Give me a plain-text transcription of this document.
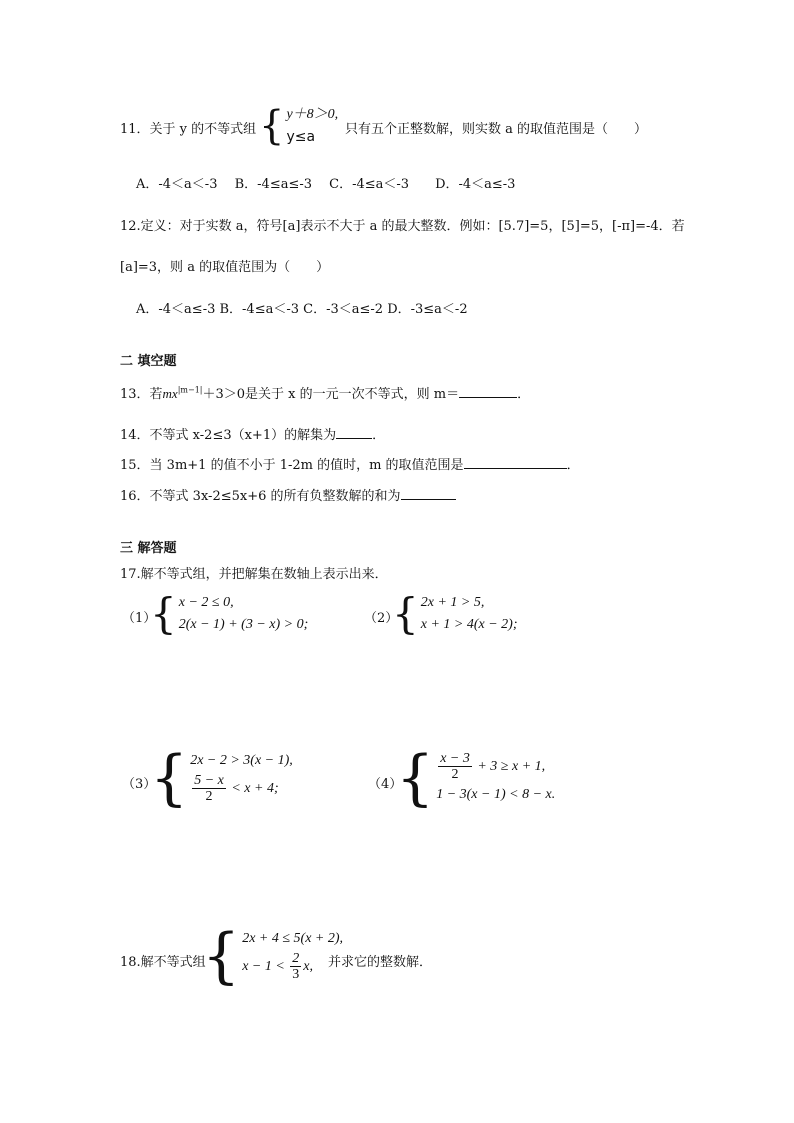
11．关于 y 的不等式组 { y＋8＞0,
y≤a	只有五个正整数解，则实数 a 的取值范围是（　　）
A．-4＜a＜-3　 B．-4≤a≤-3　 C．-4≤a＜-3　　D．-4＜a≤-3
12.定义：对于实数 a，符号[a]表示不大于 a 的最大整数．例如：[5.7]=5，[5]=5，[-π]=-4．若
[a]=3，则 a 的取值范围为（　　）
A．-4＜a≤-3 B．-4≤a＜-3 C．-3＜a≤-2 D．-3≤a＜-2
二 填空题
13．若$mx^{|m-1|}+3>0$是关于 x 的一元一次不等式，则 m＝	．
14．不等式 x-2≤3（x+1）的解集为	．
15．当 3m+1 的值不小于 1-2m 的值时，m 的取值范围是	．
16．不等式 3x-2≤5x+6 的所有负整数解的和为
三 解答题
17.解不等式组，并把解集在数轴上表示出来．
（1）
{ x − 2 ≤ 0,
2(x − 1) + (3 − x) > 0;	（2）
{ 2x + 1 > 5,
x + 1 > 4(x − 2);
（3）
{ 2x − 2 > 3(x − 1),
$\frac{5 - x}{2} < x + 4$;	（4）
{ $\frac{x - 3}{2} + 3 \ge x + 1$,
1 − 3(x − 1) < 8 − x.
18.解不等式组
{ 2x + 4 ≤ 5(x + 2),
$x - 1 < \frac{2}{3} x$,	并求它的整数解．
